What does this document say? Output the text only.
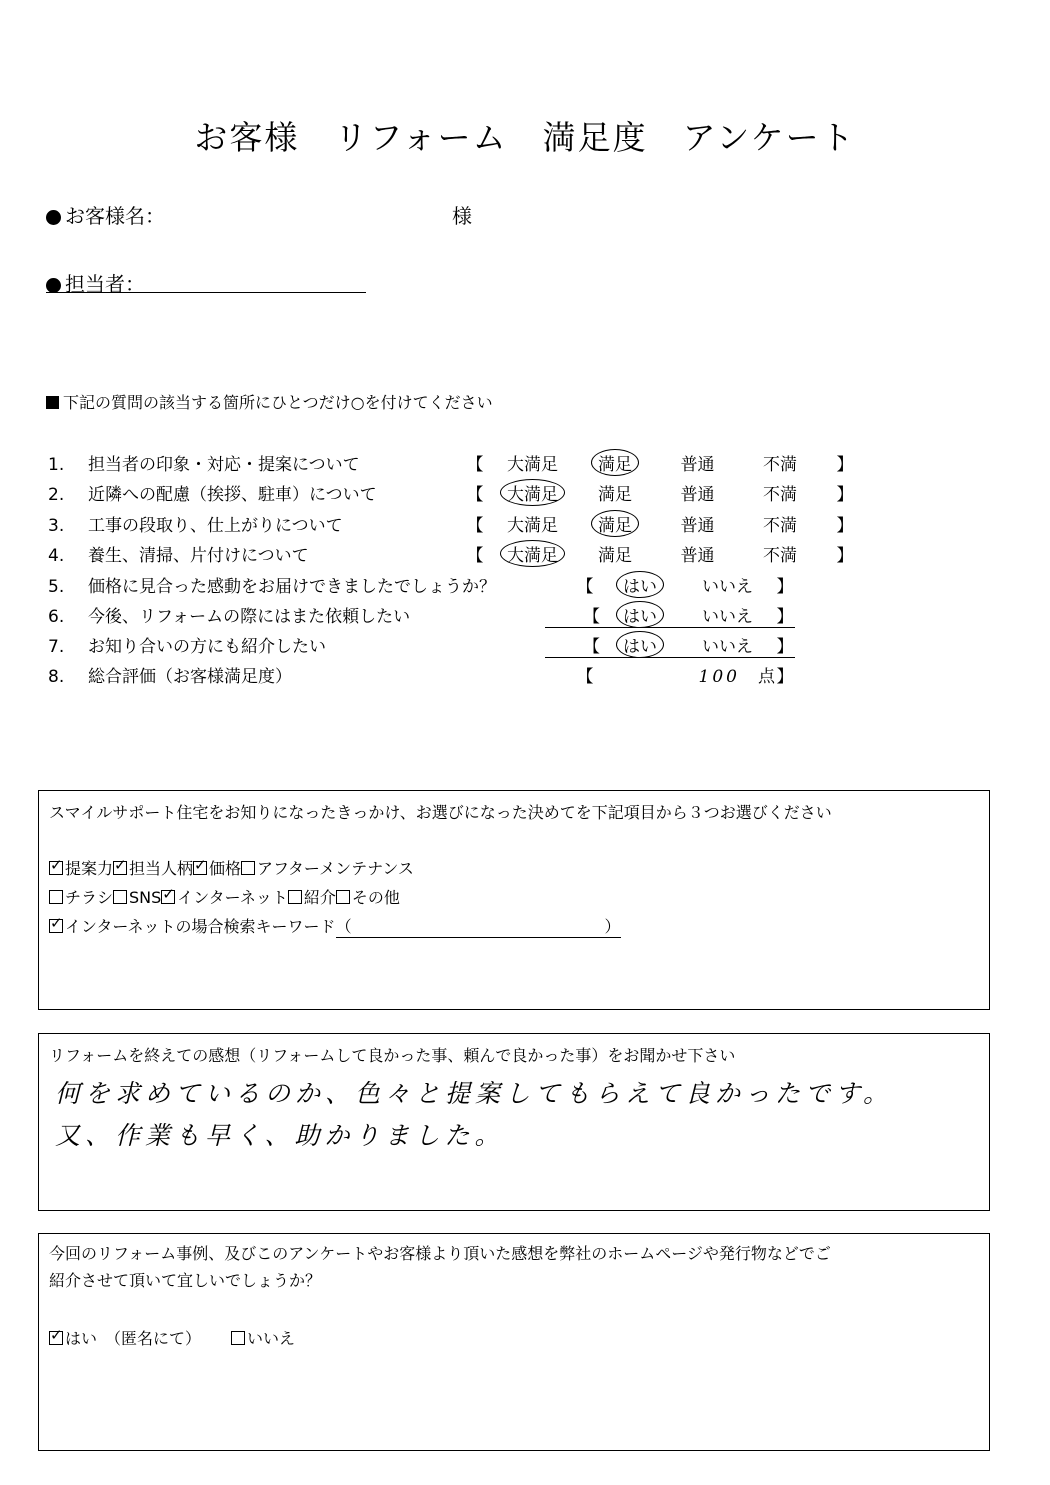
お客様　リフォーム　満足度　アンケート
お客様名：	様
担当者：
下記の質問の該当する箇所にひとつだけ○を付けてください
1. 担当者の印象・対応・提案について	【 大満足 満足	普通	不満 】
2. 近隣への配慮（挨拶、駐車）について	【 大満足 満足	普通	不満 】
3. 工事の段取り、仕上がりについて	【 大満足 満足	普通	不満 】
4. 養生、清掃、片付けについて	【 大満足 満足	普通	不満 】
5. 価格に見合った感動をお届けできましたでしょうか？	【 はい	いいえ 】
6. 今後、リフォームの際にはまた依頼したい	【 はい	いいえ 】
7. お知り合いの方にも紹介したい	【 はい	いいえ 】
8. 総合評価（お客様満足度）	【	100 点】
スマイルサポート住宅をお知りになったきっかけ、お選びになった決めてを下記項目から３つお選びください
✓提案力 ✓ 担当人柄 ✓ 価格 アフターメンテナンス
チラシ SNS ✓ インターネット 紹介 その他
✓インターネットの場合検索キーワード（	）
リフォームを終えての感想（リフォームして良かった事、頼んで良かった事）をお聞かせ下さい
何を求めているのか、色々と提案してもらえて良かったです。
又、作業も早く、助かりました。
今回のリフォーム事例、及びこのアンケートやお客様より頂いた感想を弊社のホームページや発行物などでご
紹介させて頂いて宜しいでしょうか？
✓はい　（匿名にて）	いいえ
